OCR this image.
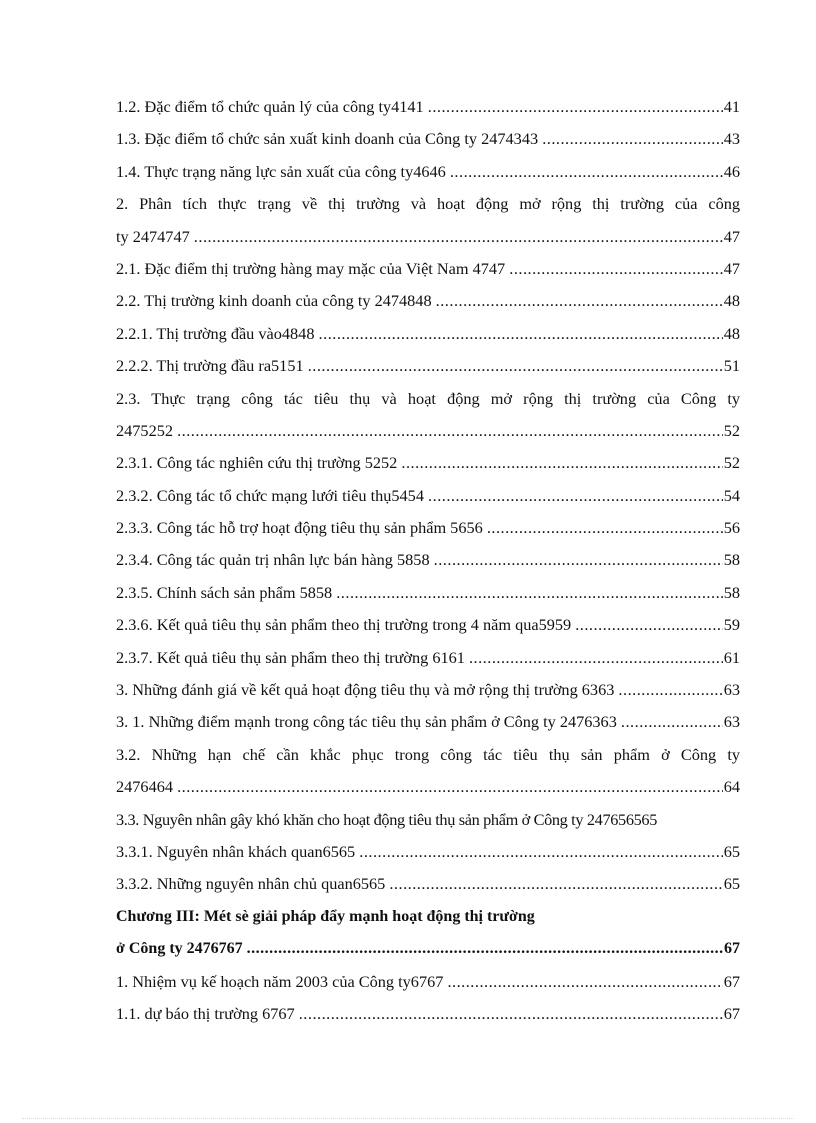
1.2. Đặc điểm tổ chức quản lý của công ty4141 .....	41
1.3. Đặc điểm tổ chức sản xuất kinh doanh của Công ty 2474343 .....	43
1.4. Thực trạng năng lực sản xuất của công ty4646 .....	46
2. Phân tích thực trạng về thị trường và hoạt động mở rộng thị trường của công
ty 2474747 .....	47
2.1. Đặc điểm thị trường hàng may mặc của Việt Nam 4747 .....	47
2.2. Thị trường kinh doanh của công ty 2474848 .....	48
2.2.1. Thị trường đầu vào4848 .....	48
2.2.2. Thị trường đầu ra5151 .....	51
2.3. Thực trạng công tác tiêu thụ và hoạt động mở rộng thị trường của Công ty
2475252 .....	52
2.3.1. Công tác nghiên cứu thị trường 5252 .....	52
2.3.2. Công tác tổ chức mạng lưới tiêu thụ5454 .....	54
2.3.3. Công tác hỗ trợ hoạt động tiêu thụ sản phẩm 5656 .....	56
2.3.4. Công tác quản trị nhân lực bán hàng 5858 .....	58
2.3.5. Chính sách sản phẩm 5858 .....	58
2.3.6. Kết quả tiêu thụ sản phẩm theo thị trường trong 4 năm qua5959 .....	59
2.3.7. Kết quả tiêu thụ sản phẩm theo thị trường 6161 .....	61
3. Những đánh giá về kết quả hoạt động tiêu thụ và mở rộng thị trường 6363 .....	63
3. 1. Những điểm mạnh trong công tác tiêu thụ sản phẩm ở Công ty 2476363 .....	63
3.2. Những hạn chế cần khắc phục trong công tác tiêu thụ sản phẩm ở Công ty
2476464 .....	64
3.3. Nguyên nhân gây khó khăn cho hoạt động tiêu thụ sản phẩm ở Công ty 247656565
3.3.1. Nguyên nhân khách quan6565 .....	65
3.3.2. Những nguyên nhân chủ quan6565 .....	65
Chương III: Mét sè giải pháp đẩy mạnh hoạt động thị trường
ở Công ty 2476767 .....	67
1. Nhiệm vụ kế hoạch năm 2003 của Công ty6767 .....	67
1.1. dự báo thị trường 6767 .....	67
